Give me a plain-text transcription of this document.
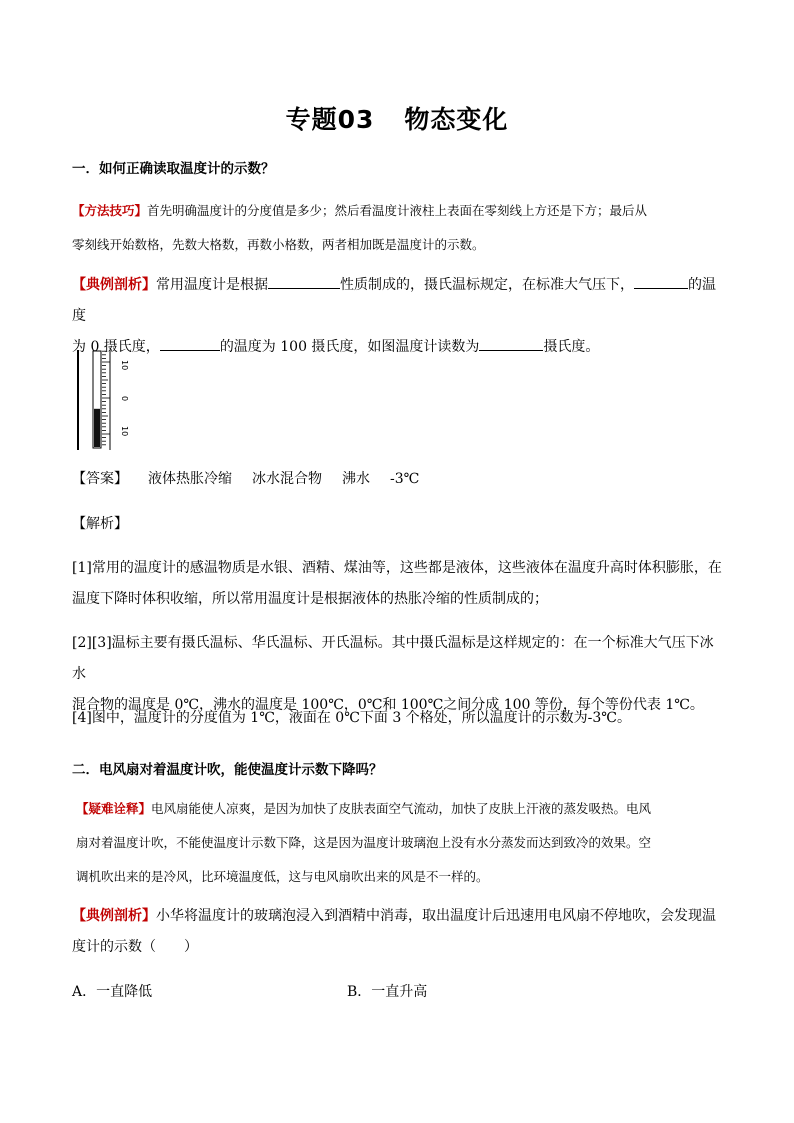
专题03 物态变化
一．如何正确读取温度计的示数？
【方法技巧】首先明确温度计的分度值是多少；然后看温度计液柱上表面在零刻线上方还是下方；最后从
零刻线开始数格，先数大格数，再数小格数，两者相加既是温度计的示数。
【典例剖析】常用温度计是根据	性质制成的，摄氏温标规定，在标准大气压下，	的温度
为 0 摄氏度，	的温度为 100 摄氏度，如图温度计读数为	摄氏度。
10
0
10
【答案】 液体热胀冷缩 冰水混合物 沸水 -3℃
【解析】
[1]常用的温度计的感温物质是水银、酒精、煤油等，这些都是液体，这些液体在温度升高时体积膨胀，在
温度下降时体积收缩，所以常用温度计是根据液体的热胀冷缩的性质制成的；
[2][3]温标主要有摄氏温标、华氏温标、开氏温标。其中摄氏温标是这样规定的：在一个标准大气压下冰水
混合物的温度是 0℃，沸水的温度是 100℃，0℃和 100℃之间分成 100 等份，每个等份代表 1℃。
[4]图中，温度计的分度值为 1℃，液面在 0℃下面 3 个格处，所以温度计的示数为-3℃。
二．电风扇对着温度计吹，能使温度计示数下降吗？
【疑难诠释】电风扇能使人凉爽，是因为加快了皮肤表面空气流动，加快了皮肤上汗液的蒸发吸热。电风
扇对着温度计吹，不能使温度计示数下降，这是因为温度计玻璃泡上没有水分蒸发而达到致冷的效果。空
调机吹出来的是冷风，比环境温度低，这与电风扇吹出来的风是不一样的。
【典例剖析】小华将温度计的玻璃泡浸入到酒精中消毒，取出温度计后迅速用电风扇不停地吹，会发现温
度计的示数（　　）
A．一直降低	B．一直升高
